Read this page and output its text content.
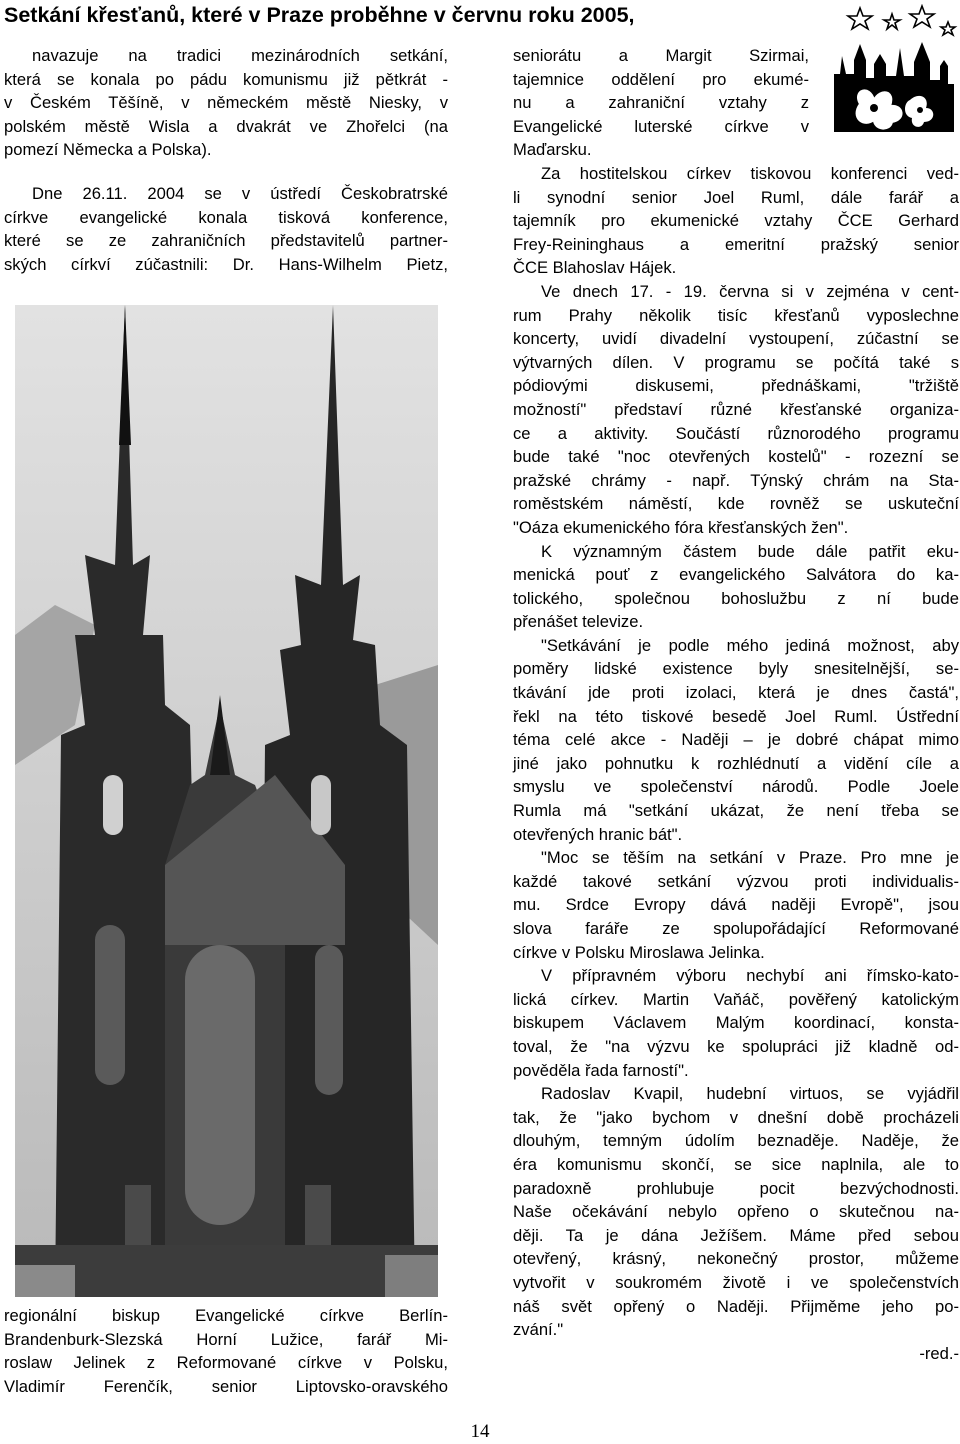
Setkání křesťanů, které v Praze proběhne v červnu roku 2005,

navazuje na tradici mezinárodních setkání,

která se konala po pádu komunismu již pětkrát -

v Českém Těšíně, v německém městě Niesky, v

polském městě Wisla a dvakrát ve Zhořelci (na

pomezí Německa a Polska).

Dne 26.11. 2004 se v ústředí Českobratrské

církve evangelické konala tisková konference,

které se ze zahraničních představitelů partner-

ských církví zúčastnili: Dr. Hans-Wilhelm Pietz,

regionální biskup Evangelické církve Berlín-

Brandenburk-Slezská Horní Lužice, farář Mi-

roslaw Jelinek z Reformované církve v Polsku,

Vladimír Ferenčík, senior Liptovsko-oravského

seniorátu a Margit Szirmai,

tajemnice oddělení pro ekumé-

nu a zahraniční vztahy z

Evangelické luterské církve v

Maďarsku.

Za hostitelskou církev tiskovou konferenci ved-

li synodní senior Joel Ruml, dále farář a

tajemník pro ekumenické vztahy ČCE Gerhard

Frey-Reininghaus a emeritní pražský senior

ČCE Blahoslav Hájek.

Ve dnech 17. - 19. června si v zejména v cent-

rum Prahy několik tisíc křesťanů vyposlechne

koncerty, uvidí divadelní vystoupení, zúčastní se

výtvarných dílen. V programu se počítá také s

pódiovými diskusemi, přednáškami, "tržiště

možností" představí různé křesťanské organiza-

ce a aktivity. Součástí různorodého programu

bude také "noc otevřených kostelů" - rozezní se

pražské chrámy - např. Týnský chrám na Sta-

roměstském náměstí, kde rovněž se uskuteční

"Oáza ekumenického fóra křesťanských žen".

K významným částem bude dále patřit eku-

menická pouť z evangelického Salvátora do ka-

tolického, společnou bohoslužbu z ní bude

přenášet televize.

"Setkávání je podle mého jediná možnost, aby

poměry lidské existence byly snesitelnější, se-

tkávání jde proti izolaci, která je dnes častá",

řekl na této tiskové besedě Joel Ruml. Ústřední

téma celé akce - Naději – je dobré chápat mimo

jiné jako pohnutku k rozhlédnutí a vidění cíle a

smyslu ve společenství národů. Podle Joele

Rumla má "setkání ukázat, že není třeba se

otevřených hranic bát".

"Moc se těším na setkání v Praze. Pro mne je

každé takové setkání výzvou proti individualis-

mu. Srdce Evropy dává naději Evropě", jsou

slova faráře ze spolupořádající Reformované

církve v Polsku Miroslawa Jelinka.

V přípravném výboru nechybí ani římsko-kato-

lická církev. Martin Vaňáč, pověřený katolickým

biskupem Václavem Malým koordinací, konsta-

toval, že "na výzvu ke spolupráci již kladně od-

pověděla řada farností".

Radoslav Kvapil, hudební virtuos, se vyjádřil

tak, že "jako bychom v dnešní době procházeli

dlouhým, temným údolím beznaděje. Naděje, že

éra komunismu skončí, se sice naplnila, ale to

paradoxně prohlubuje pocit bezvýchodnosti.

Naše očekávání nebylo opřeno o skutečnou na-

ději. Ta je dána Ježíšem. Máme před sebou

otevřený, krásný, nekonečný prostor, můžeme

vytvořit v soukromém životě i ve společenstvích

náš svět opřený o Naději. Přijměme jeho po-

zvání."

-red.-

14
